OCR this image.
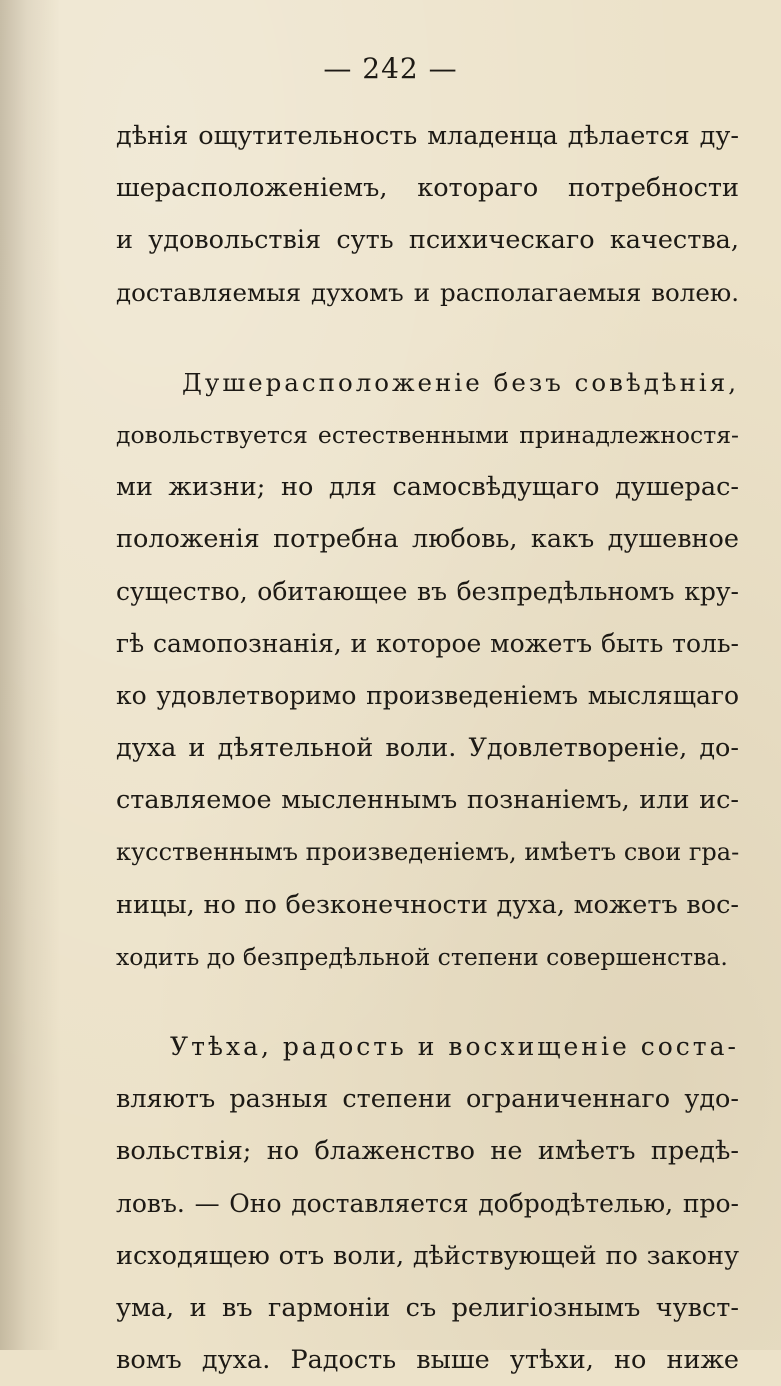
— 242 —
дѣнія ощутительность младенца дѣлается ду-
шерасположеніемъ, котораго потребности
и удовольствія суть психическаго качества,
доставляемыя духомъ и располагаемыя волею.
Душерасположеніе безъ совѣдѣнія,
довольствуется естественными принадлежностя-
ми жизни; но для самосвѣдущаго душерас-
положенія потребна любовь, какъ душевное
существо, обитающее въ безпредѣльномъ кру-
гѣ самопознанія, и которое можетъ быть толь-
ко удовлетворимо произведеніемъ мыслящаго
духа и дѣятельной воли. Удовлетвореніе, до-
ставляемое мысленнымъ познаніемъ, или ис-
кусственнымъ произведеніемъ, имѣетъ свои гра-
ницы, но по безконечности духа, можетъ вос-
ходить до безпредѣльной степени совершенства.
Утѣха, радость и восхищеніе соста-
вляютъ разныя степени ограниченнаго удо-
вольствія; но блаженство не имѣетъ предѣ-
ловъ. — Оно доставляется добродѣтелью, про-
исходящею отъ воли, дѣйствующей по закону
ума, и въ гармоніи съ религіознымъ чувст-
вомъ духа. Радость выше утѣхи, но ниже
